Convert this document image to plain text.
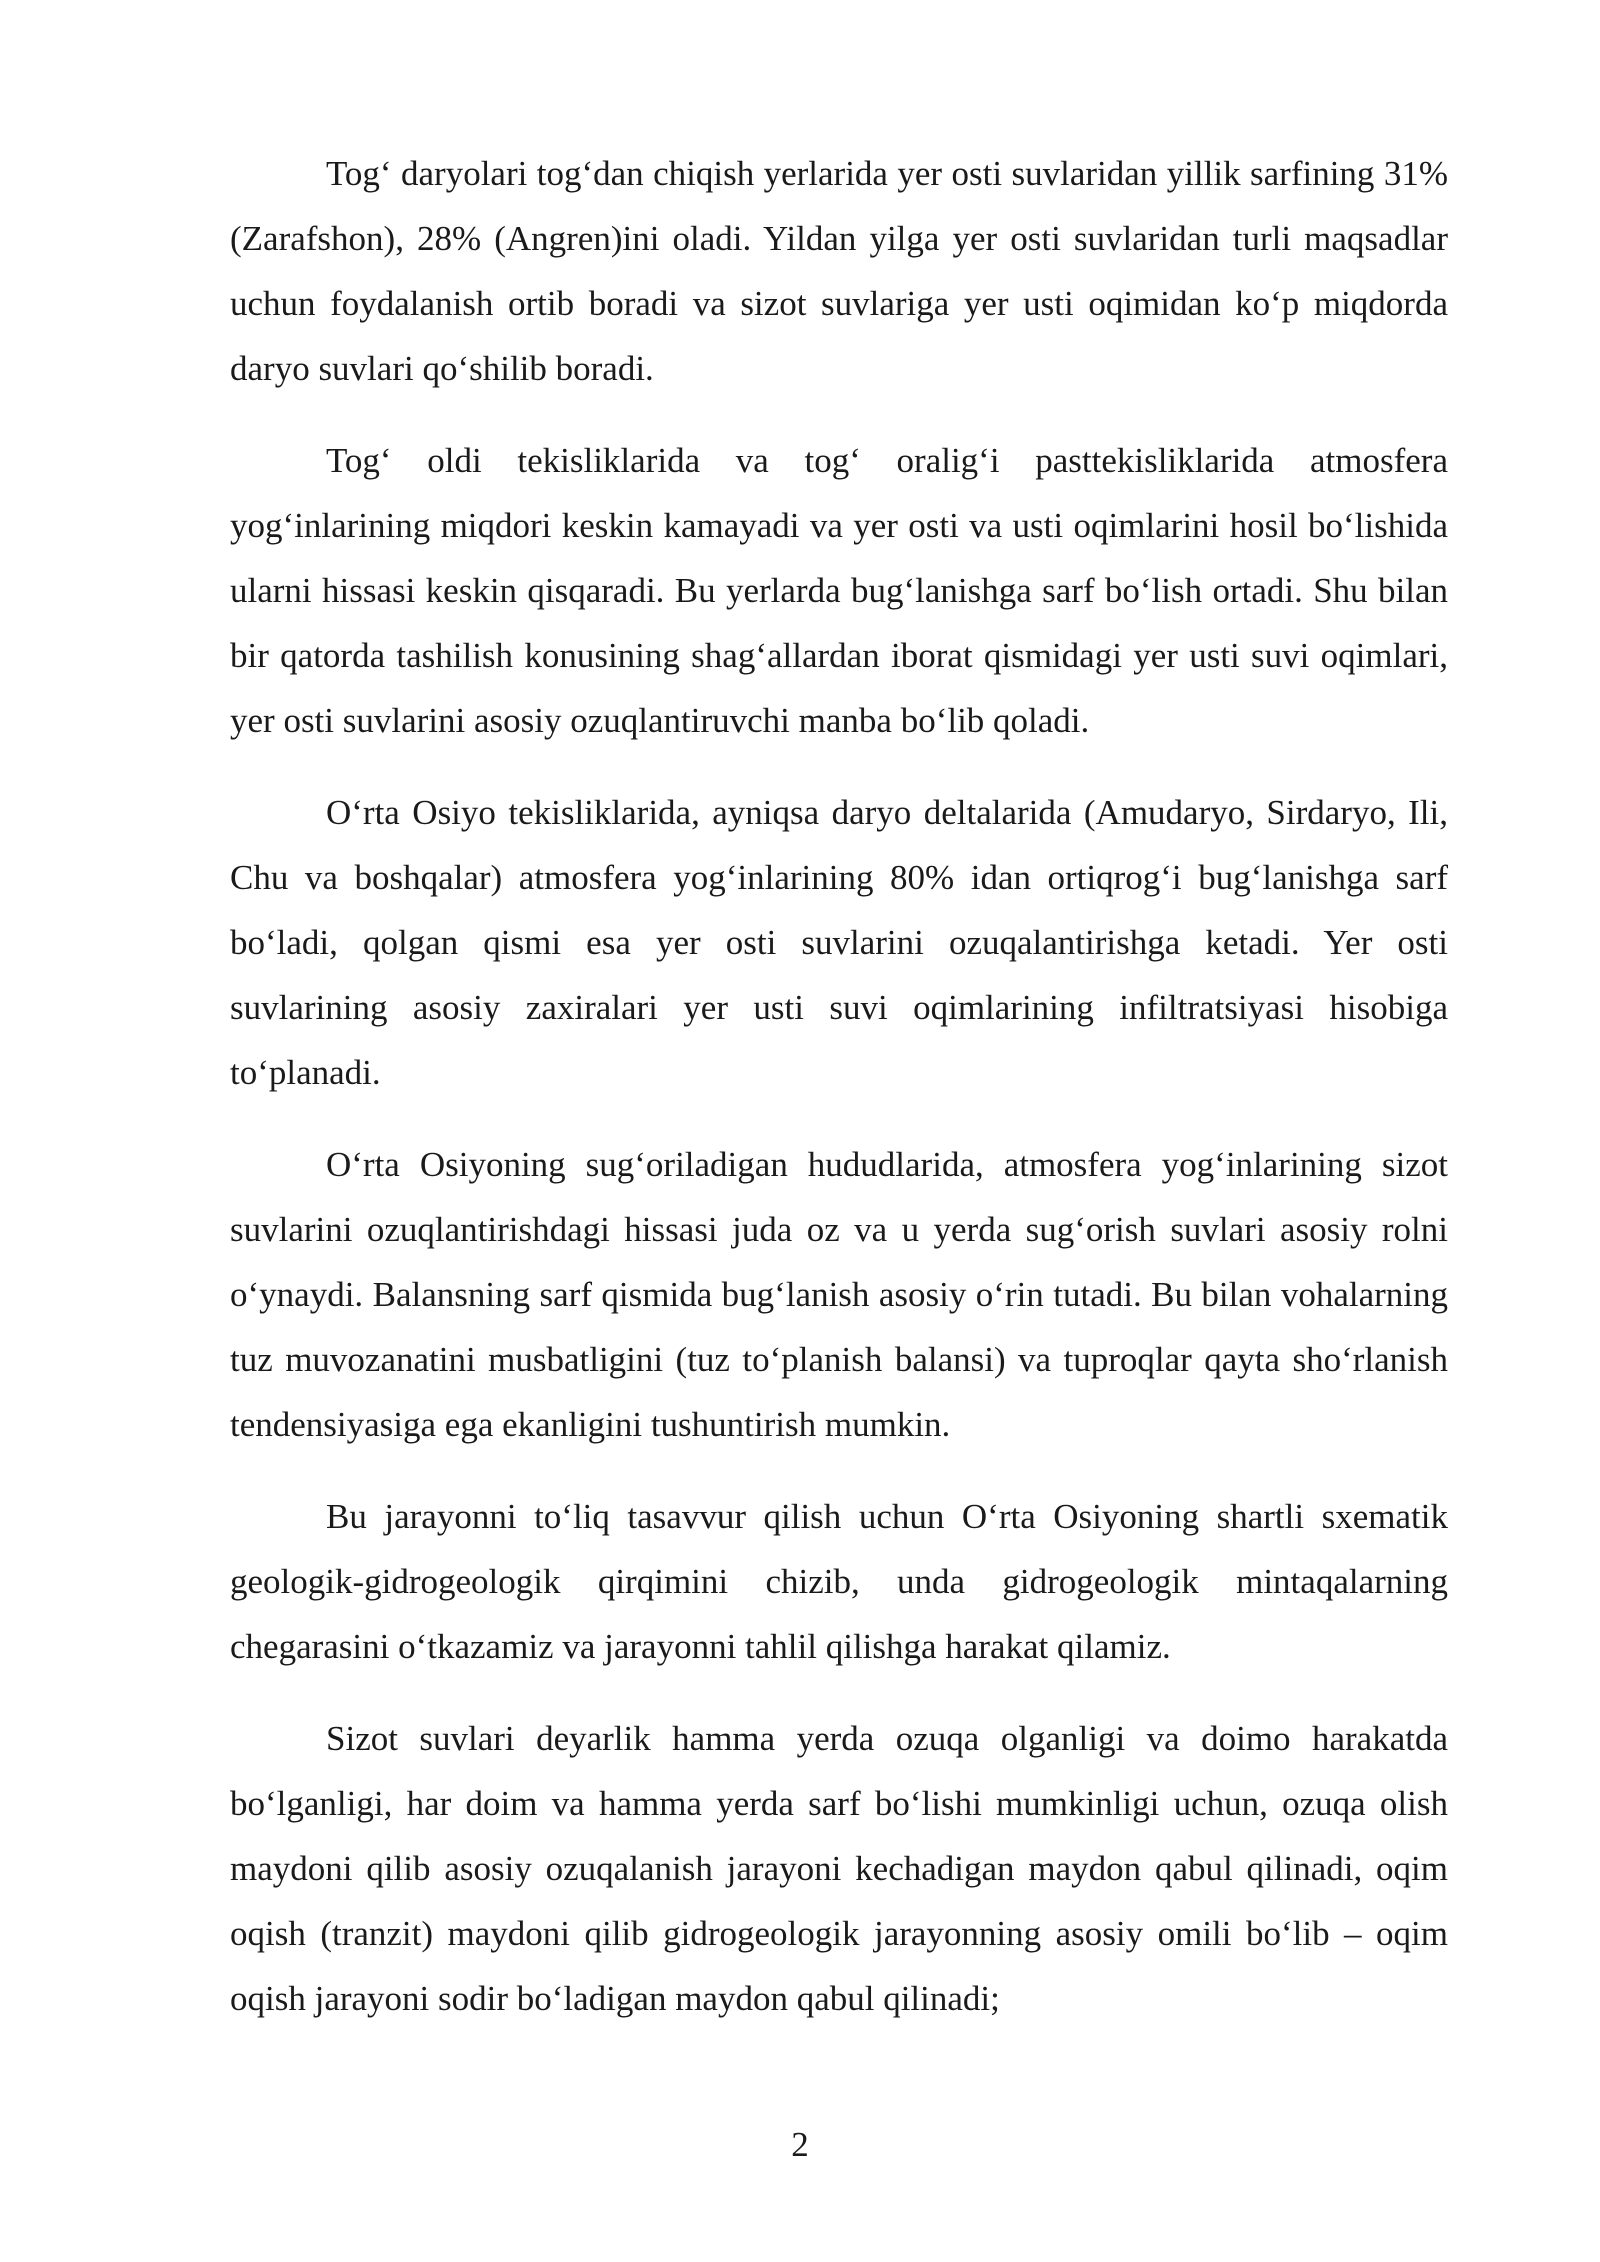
Tog‘ daryolari tog‘dan chiqish yerlarida yer osti suvlaridan yillik sarfining 31% (Zarafshon), 28% (Angren)ini oladi. Yildan yilga yer osti suvlaridan turli maqsadlar uchun foydalanish ortib boradi va sizot suvlariga yer usti oqimidan ko‘p miqdorda daryo suvlari qo‘shilib boradi.

Tog‘ oldi tekisliklarida va tog‘ oralig‘i pasttekisliklarida atmosfera yog‘inlarining miqdori keskin kamayadi va yer osti va usti oqimlarini hosil bo‘lishida ularni hissasi keskin qisqaradi. Bu yerlarda bug‘lanishga sarf bo‘lish ortadi. Shu bilan bir qatorda tashilish konusining shag‘allardan iborat qismidagi yer usti suvi oqimlari, yer osti suvlarini asosiy ozuqlantiruvchi manba bo‘lib qoladi.

O‘rta Osiyo tekisliklarida, ayniqsa daryo deltalarida (Amudaryo, Sirdaryo, Ili, Chu va boshqalar) atmosfera yog‘inlarining 80% idan ortiqrog‘i bug‘lanishga sarf bo‘ladi, qolgan qismi esa yer osti suvlarini ozuqalantirishga ketadi. Yer osti suvlarining asosiy zaxiralari yer usti suvi oqimlarining infiltratsiyasi hisobiga to‘planadi.

O‘rta Osiyoning sug‘oriladigan hududlarida, atmosfera yog‘inlarining sizot suvlarini ozuqlantirishdagi hissasi juda oz va u yerda sug‘orish suvlari asosiy rolni o‘ynaydi. Balansning sarf qismida bug‘lanish asosiy o‘rin tutadi. Bu bilan vohalarning tuz muvozanatini musbatligini (tuz to‘planish balansi) va tuproqlar qayta sho‘rlanish tendensiyasiga ega ekanligini tushuntirish mumkin.

Bu jarayonni to‘liq tasavvur qilish uchun O‘rta Osiyoning shartli sxematik geologik-gidrogeologik qirqimini chizib, unda gidrogeologik mintaqalarning chegarasini o‘tkazamiz va jarayonni tahlil qilishga harakat qilamiz.

Sizot suvlari deyarlik hamma yerda ozuqa olganligi va doimo harakatda bo‘lganligi, har doim va hamma yerda sarf bo‘lishi mumkinligi uchun, ozuqa olish maydoni qilib asosiy ozuqalanish jarayoni kechadigan maydon qabul qilinadi, oqim oqish (tranzit) maydoni qilib gidrogeologik jarayonning asosiy omili bo‘lib – oqim oqish jarayoni sodir bo‘ladigan maydon qabul qilinadi;

2
